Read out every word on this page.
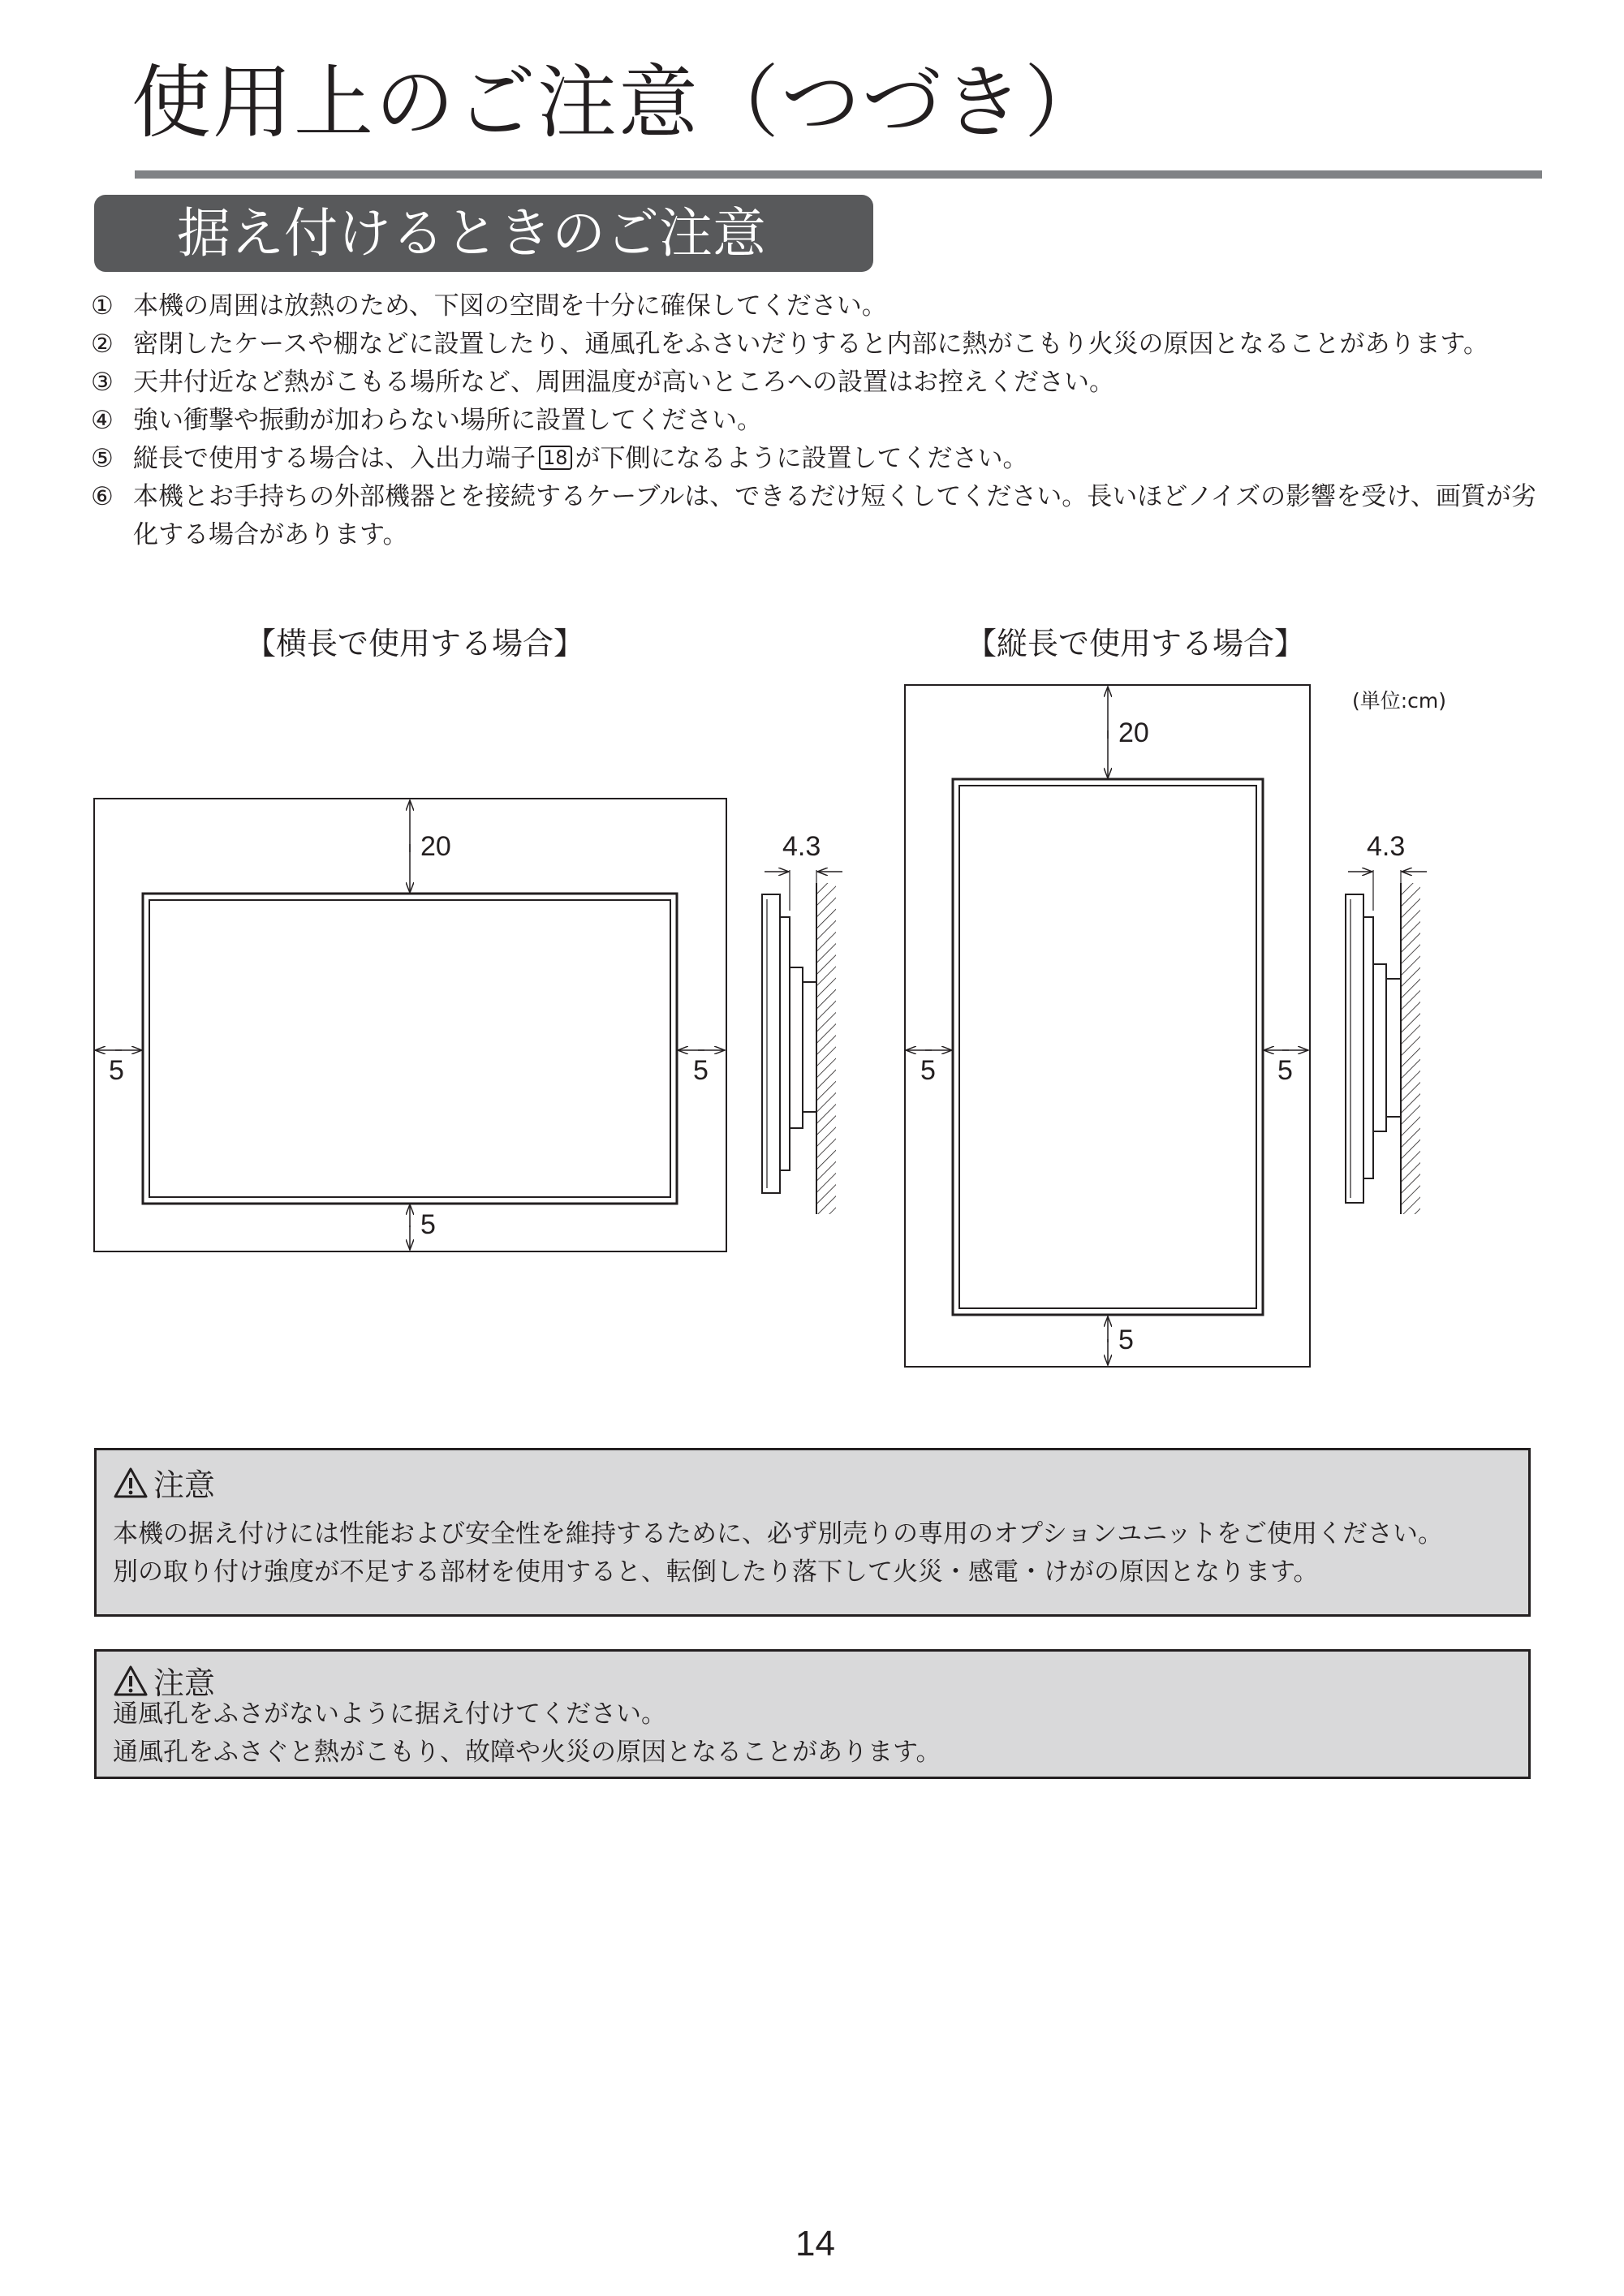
使用上のご注意（つづき）
据え付けるときのご注意
① 本機の周囲は放熱のため、下図の空間を十分に確保してください。
② 密閉したケースや棚などに設置したり、通風孔をふさいだりすると内部に熱がこもり火災の原因となることがあります。
③ 天井付近など熱がこもる場所など、周囲温度が高いところへの設置はお控えください。
④ 強い衝撃や振動が加わらない場所に設置してください。
⑤ 縦長で使用する場合は、入出力端子 18 が下側になるように設置してください。
⑥ 本機とお手持ちの外部機器とを接続するケーブルは、できるだけ短くしてください。長いほどノイズの影響を受け、画質が劣化する場合があります。
【横長で使用する場合】	【縦長で使用する場合】
(単位:cm)
20
5	5
5
4.3
20
5	5
5
4.3
注意
本機の据え付けには性能および安全性を維持するために、必ず別売りの専用のオプションユニットをご使用ください。
別の取り付け強度が不足する部材を使用すると、転倒したり落下して火災・感電・けがの原因となります。
注意
通風孔をふさがないように据え付けてください。
通風孔をふさぐと熱がこもり、故障や火災の原因となることがあります。
14
